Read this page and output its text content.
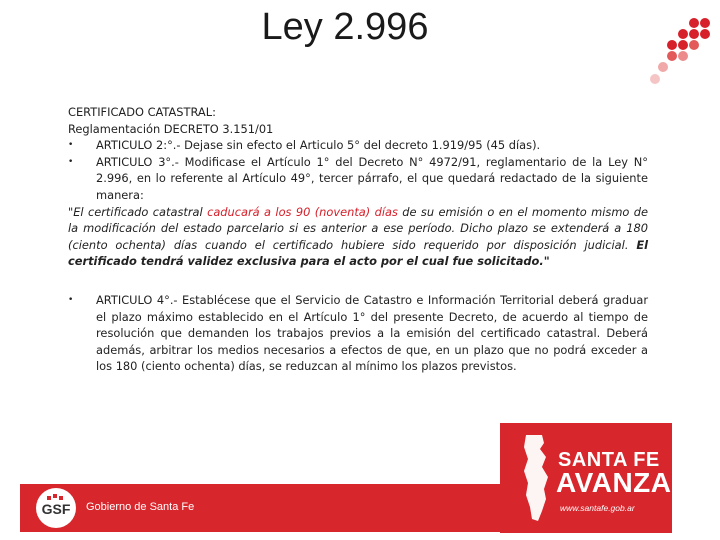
Ley 2.996

CERTIFICADO CATASTRAL:

Reglamentación DECRETO 3.151/01

•	ARTICULO 2:°.- Dejase sin efecto el Articulo 5° del decreto 1.919/95 (45 días).
•	ARTICULO 3°.- Modificase el Artículo 1° del Decreto N° 4972/91, reglamentario de la Ley N° 2.996, en lo referente al Artículo 49°, tercer párrafo, el que quedará redactado de la siguiente manera:

"El certificado catastral caducará a los 90 (noventa) días de su emisión o en el momento mismo de la modificación del estado parcelario si es anterior a ese período. Dicho plazo se extenderá a 180 (ciento ochenta) días cuando el certificado hubiere sido requerido por disposición judicial. El certificado tendrá validez exclusiva para el acto por el cual fue solicitado."

•	ARTICULO 4°.- Establécese que el Servicio de Catastro e Información Territorial deberá graduar el plazo máximo establecido en el Artículo 1° del presente Decreto, de acuerdo al tiempo de resolución que demanden los trabajos previos a la emisión del certificado catastral. Deberá además, arbitrar los medios necesarios a efectos de que, en un plazo que no podrá exceder a los 180 (ciento ochenta) días, se reduzcan al mínimo los plazos previstos.
SANTA FE
AVANZA
www.santafe.gob.ar
GSF Gobierno de Santa Fe
